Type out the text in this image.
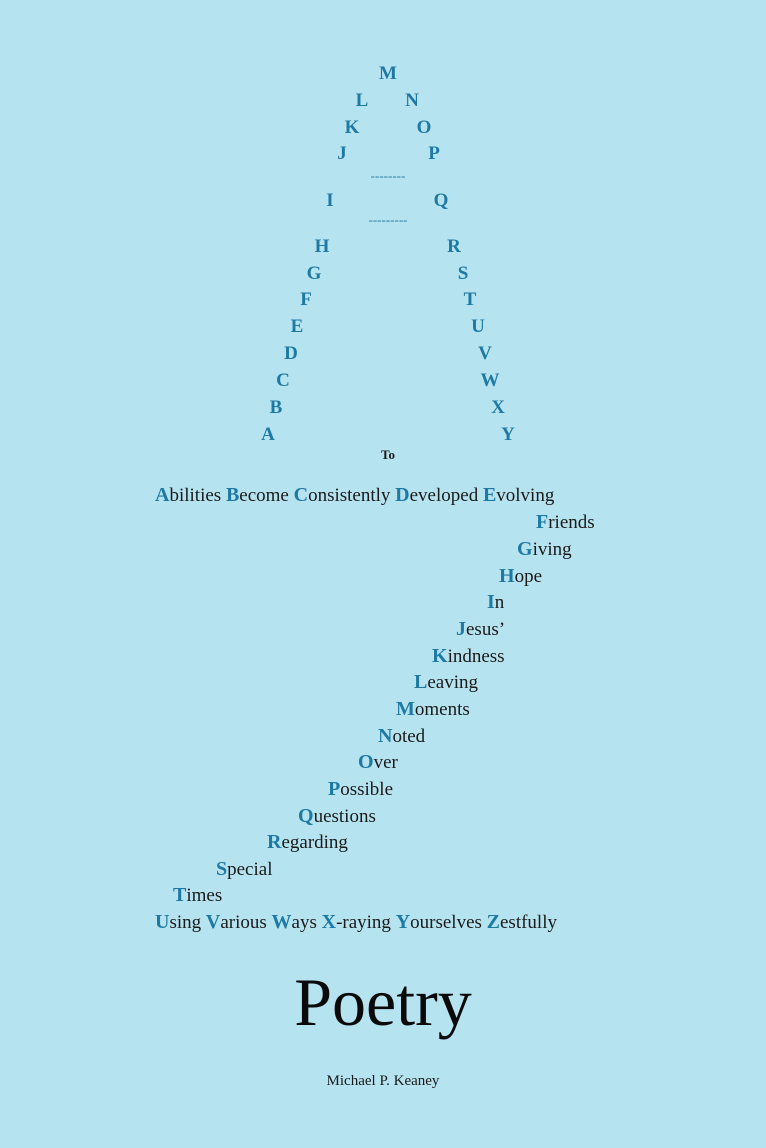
M
L N
K	O
J	P
I	Q
H	R
G	S
F	T
E	U
D	V
C	W
B	X
A	Y
--------
---------
To
Abilities Become Consistently Developed Evolving
Friends
Giving
Hope
In
Jesus’
Kindness
Leaving
Moments
Noted
Over
Possible
Questions
Regarding
Special
Times
Using Various Ways X-raying Yourselves Zestfully
Poetry
Michael P. Keaney
